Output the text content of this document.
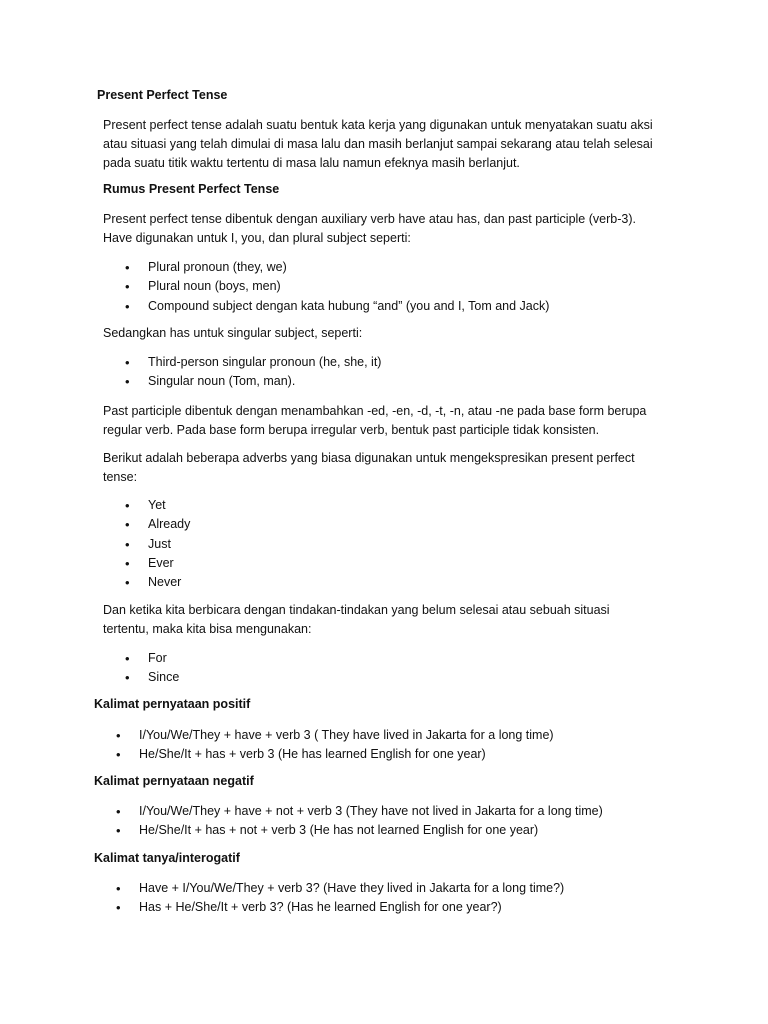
Present Perfect Tense

Present perfect tense adalah suatu bentuk kata kerja yang digunakan untuk menyatakan suatu aksi
atau situasi yang telah dimulai di masa lalu dan masih berlanjut sampai sekarang atau telah selesai
pada suatu titik waktu tertentu di masa lalu namun efeknya masih berlanjut.

Rumus Present Perfect Tense

Present perfect tense dibentuk dengan auxiliary verb have atau has, dan past participle (verb-3).
Have digunakan untuk I, you, dan plural subject seperti:

• Plural pronoun (they, we)
• Plural noun (boys, men)
• Compound subject dengan kata hubung “and” (you and I, Tom and Jack)
Sedangkan has untuk singular subject, seperti:
• Third-person singular pronoun (he, she, it)
• Singular noun (Tom, man).

Past participle dibentuk dengan menambahkan -ed, -en, -d, -t, -n, atau -ne pada base form berupa
regular verb. Pada base form berupa irregular verb, bentuk past participle tidak konsisten.

Berikut adalah beberapa adverbs yang biasa digunakan untuk mengekspresikan present perfect
tense:

• Yet
• Already
• Just
• Ever
• Never

Dan ketika kita berbicara dengan tindakan-tindakan yang belum selesai atau sebuah situasi
tertentu, maka kita bisa mengunakan:

• For
• Since
Kalimat pernyataan positif
• I/You/We/They + have + verb 3 ( They have lived in Jakarta for a long time)
• He/She/It + has + verb 3 (He has learned English for one year)
Kalimat pernyataan negatif
• I/You/We/They + have + not + verb 3 (They have not lived in Jakarta for a long time)
• He/She/It + has + not + verb 3 (He has not learned English for one year)
Kalimat tanya/interogatif
• Have + I/You/We/They + verb 3? (Have they lived in Jakarta for a long time?)
• Has + He/She/It + verb 3? (Has he learned English for one year?)
